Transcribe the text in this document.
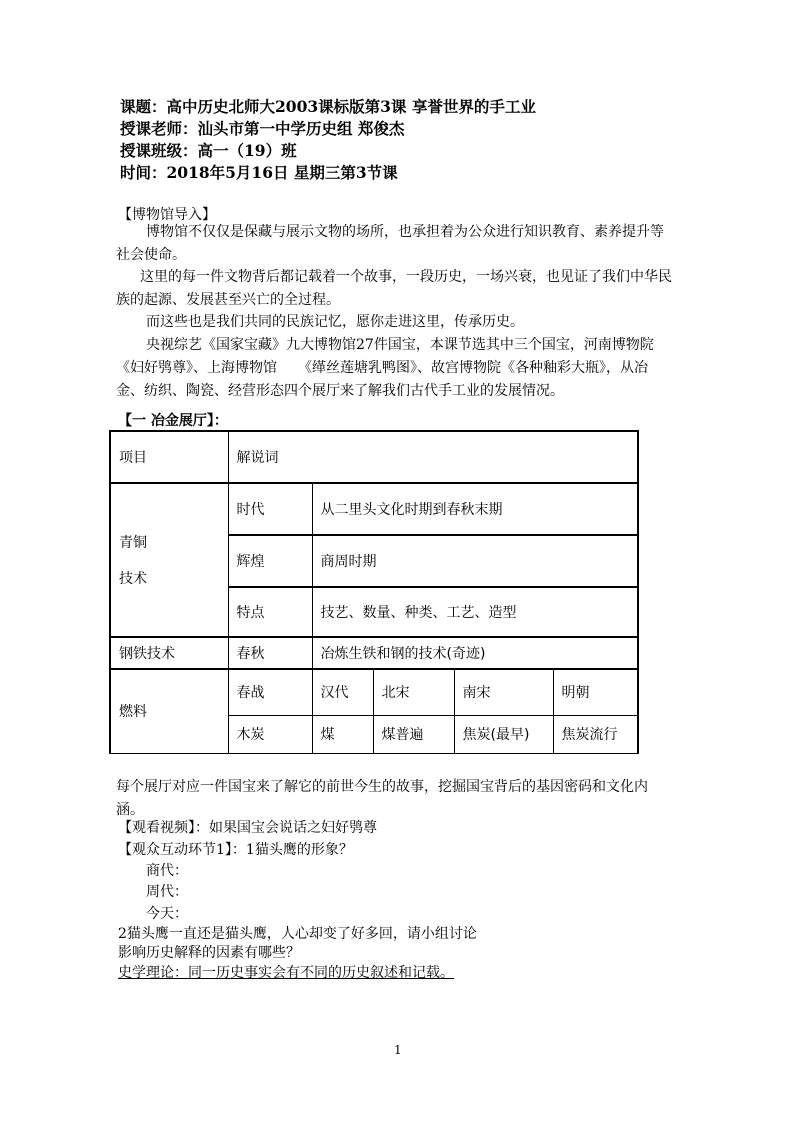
课题：高中历史北师大2003课标版第3课 享誉世界的手工业
授课老师：汕头市第一中学历史组 郑俊杰
授课班级：高一（19）班
时间：2018年5月16日 星期三第3节课
【博物馆导入】
博物馆不仅仅是保藏与展示文物的场所，也承担着为公众进行知识教育、素养提升等社会使命。
这里的每一件文物背后都记载着一个故事，一段历史，一场兴衰，也见证了我们中华民族的起源、发展甚至兴亡的全过程。
而这些也是我们共同的民族记忆，愿你走进这里，传承历史。
央视综艺《国家宝藏》九大博物馆27件国宝，本课节选其中三个国宝，河南博物院《妇好鸮尊》、上海博物馆　　《缂丝莲塘乳鸭图》、故宫博物院《各种釉彩大瓶》，从冶金、纺织、陶瓷、经营形态四个展厅来了解我们古代手工业的发展情况。
【一 冶金展厅】：
项目	解说词				

青铜
技术	时代	从二里头文化时期到春秋末期			
	辉煌	商周时期			
	特点	技艺、数量、种类、工艺、造型			
钢铁技术	春秋	冶炼生铁和钢的技术(奇迹)			
燃料	春战	汉代	北宋	南宋	明朝
	木炭	煤	煤普遍	焦炭(最早)	焦炭流行
每个展厅对应一件国宝来了解它的前世今生的故事，挖掘国宝背后的基因密码和文化内涵。
【观看视频】：如果国宝会说话之妇好鸮尊
【观众互动环节1】：1猫头鹰的形象？
商代：
周代：
今天：
2猫头鹰一直还是猫头鹰，人心却变了好多回，请小组讨论
影响历史解释的因素有哪些？
史学理论：同一历史事实会有不同的历史叙述和记载。
1
